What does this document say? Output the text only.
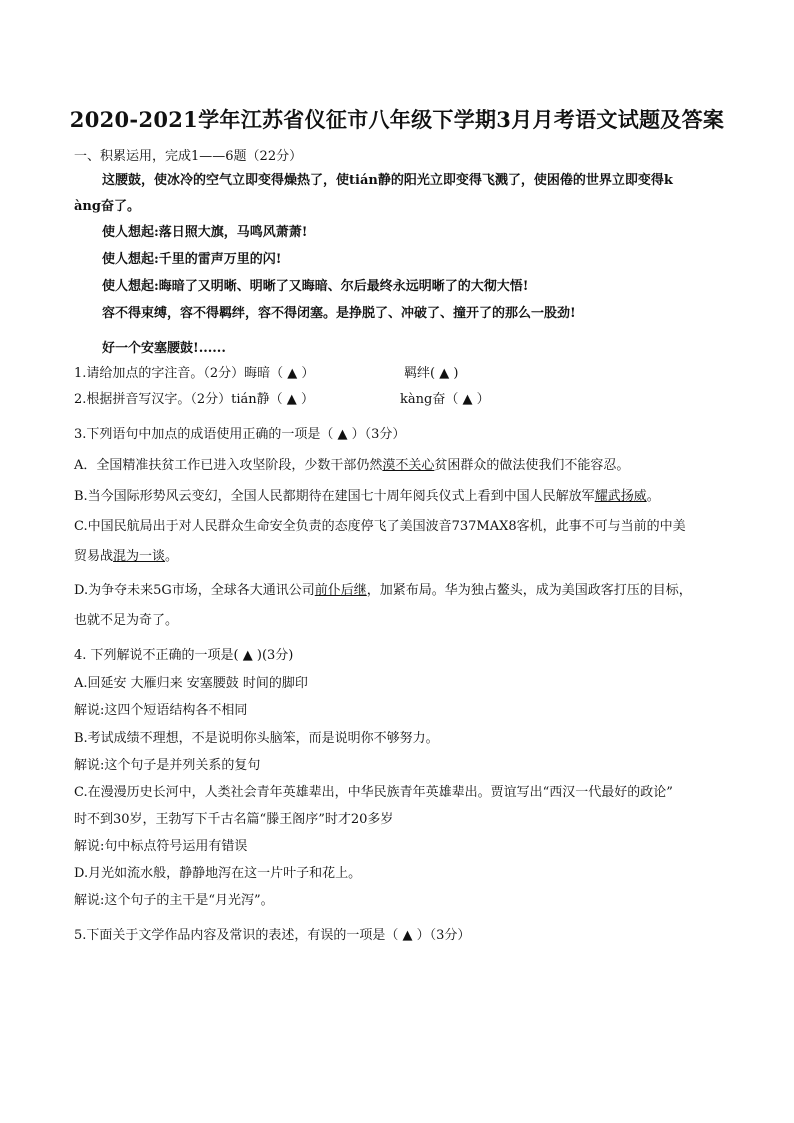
2020-2021学年江苏省仪征市八年级下学期3月月考语文试题及答案
一、积累运用，完成1——6题（22分）
这腰鼓，使冰冷的空气立即变得燥热了，使tián静的阳光立即变得飞溅了，使困倦的世界立即变得k
àng奋了。
使人想起:落日照大旗，马鸣风萧萧!
使人想起:千里的雷声万里的闪!
使人想起:晦暗了又明晰、明晰了又晦暗、尔后最终永远明晰了的大彻大悟!
容不得束缚，容不得羁绊，容不得闭塞。是挣脱了、冲破了、撞开了的那么一股劲!
好一个安塞腰鼓!......
1.请给加点的字注音。（2分）晦暗（ ▲ ）	羁绊( ▲ )
2.根据拼音写汉字。（2分）tián静（ ▲ ）	kàng奋（ ▲ ）
3.下列语句中加点的成语使用正确的一项是（ ▲ ）（3分）
A．全国精准扶贫工作已进入攻坚阶段，少数干部仍然漠不关心贫困群众的做法使我们不能容忍。
B.当今国际形势风云变幻，全国人民都期待在建国七十周年阅兵仪式上看到中国人民解放军耀武扬威。
C.中国民航局出于对人民群众生命安全负责的态度停飞了美国波音737MAX8客机，此事不可与当前的中美
贸易战混为一谈。
D.为争夺未来5G市场，全球各大通讯公司前仆后继，加紧布局。华为独占鳌头，成为美国政客打压的目标，
也就不足为奇了。
4. 下列解说不正确的一项是( ▲ )(3分)
A.回延安 大雁归来 安塞腰鼓 时间的脚印
解说:这四个短语结构各不相同
B.考试成绩不理想，不是说明你头脑笨，而是说明你不够努力。
解说:这个句子是并列关系的复句
C.在漫漫历史长河中，人类社会青年英雄辈出，中华民族青年英雄辈出。贾谊写出“西汉一代最好的政论”
时不到30岁，王勃写下千古名篇“滕王阁序”时才20多岁
解说:句中标点符号运用有错误
D.月光如流水般，静静地泻在这一片叶子和花上。
解说:这个句子的主干是“月光泻”。
5.下面关于文学作品内容及常识的表述，有误的一项是（ ▲ ）（3分）
